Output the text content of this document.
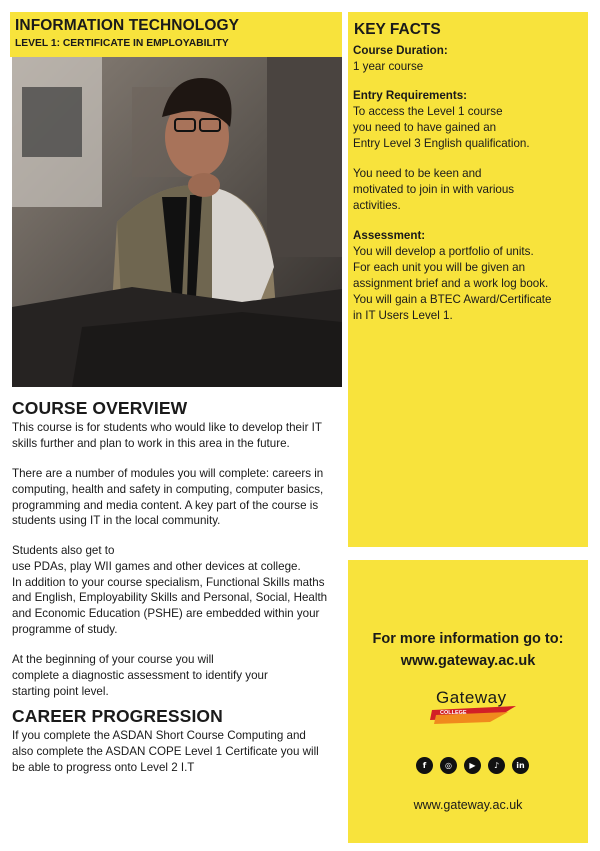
INFORMATION TECHNOLOGY
LEVEL 1: CERTIFICATE IN EMPLOYABILITY
KEY FACTS
Course Duration:
1 year course
Entry Requirements:
To access the Level 1 course
you need to have gained an
Entry Level 3 English qualification.
You need to be keen and
motivated to join in with various
activities.
Assessment:
You will develop a portfolio of units.
For each unit you will be given an
assignment brief and a work log book.
You will gain a BTEC Award/Certificate
in IT Users Level 1.
COURSE OVERVIEW
This course is for students who would like to develop their IT
skills further and plan to work in this area in the future.
There are a number of modules you will complete: careers in
computing, health and safety in computing, computer basics,
programming and media content. A key part of the course is
students using IT in the local community.
Students also get to
use PDAs, play WII games and other devices at college.
In addition to your course specialism, Functional Skills maths
and English, Employability Skills and Personal, Social, Health
and Economic Education (PSHE) are embedded within your
programme of study.
At the beginning of your course you will
complete a diagnostic assessment to identify your
starting point level.
CAREER PROGRESSION
If you complete the ASDAN Short Course Computing and
also complete the ASDAN COPE Level 1 Certificate you will
be able to progress onto Level 2 I.T
For more information go to:
www.gateway.ac.uk
Gateway
COLLEGE
f	◎	▶	♪	in
www.gateway.ac.uk
